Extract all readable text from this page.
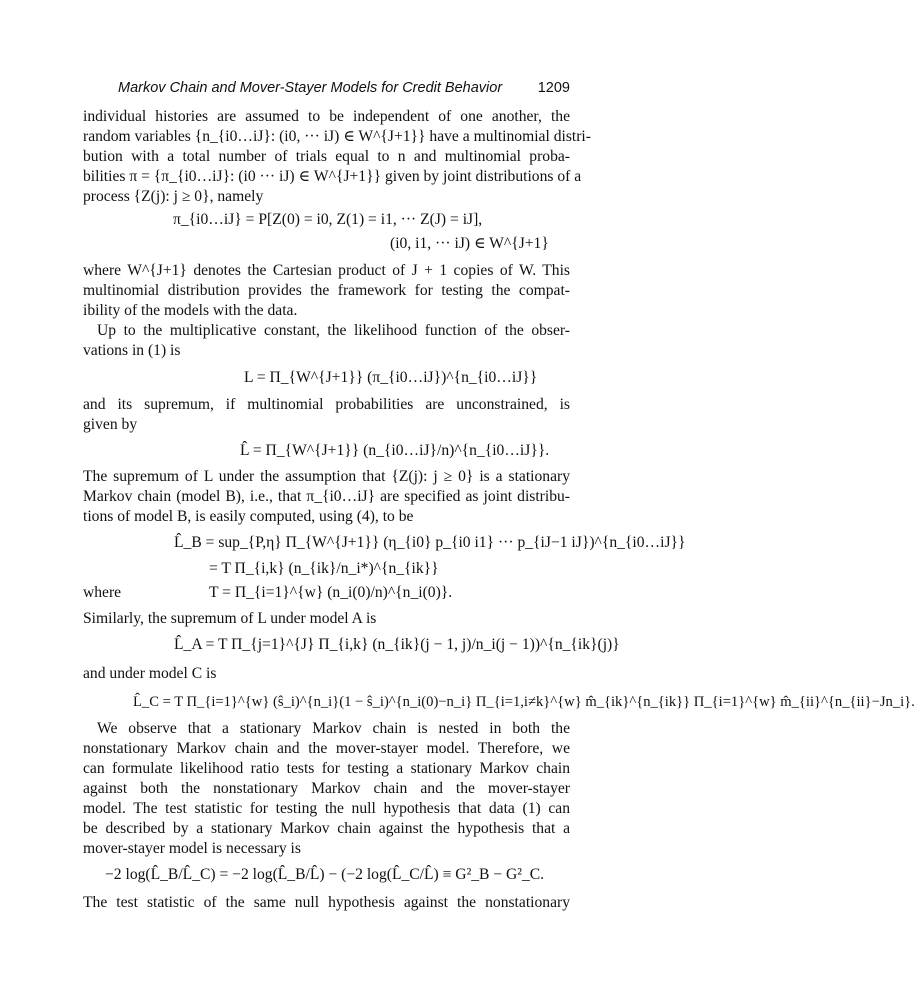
Markov Chain and Mover-Stayer Models for Credit Behavior 1209
individual histories are assumed to be independent of one another, the
random variables {n_{i0…iJ}: (i0, ··· iJ) ∈ W^{J+1}} have a multinomial distri-
bution with a total number of trials equal to n and multinomial proba-
bilities π = {π_{i0…iJ}: (i0 ··· iJ) ∈ W^{J+1}} given by joint distributions of a
process {Z(j): j ≥ 0}, namely
π_{i0…iJ} = P[Z(0) = i0, Z(1) = i1, ··· Z(J) = iJ],
(i0, i1, ··· iJ) ∈ W^{J+1}
where W^{J+1} denotes the Cartesian product of J + 1 copies of W. This
multinomial distribution provides the framework for testing the compat-
ibility of the models with the data.
Up to the multiplicative constant, the likelihood function of the obser-
vations in (1) is
L = Π_{W^{J+1}} (π_{i0…iJ})^{n_{i0…iJ}}
and its supremum, if multinomial probabilities are unconstrained, is
given by
L̂ = Π_{W^{J+1}} (n_{i0…iJ}/n)^{n_{i0…iJ}}.
The supremum of L under the assumption that {Z(j): j ≥ 0} is a stationary
Markov chain (model B), i.e., that π_{i0…iJ} are specified as joint distribu-
tions of model B, is easily computed, using (4), to be
L̂_B = sup_{P,η} Π_{W^{J+1}} (η_{i0} p_{i0 i1} ··· p_{iJ−1 iJ})^{n_{i0…iJ}}
= T Π_{i,k} (n_{ik}/n_i*)^{n_{ik}}
where	T = Π_{i=1}^{w} (n_i(0)/n)^{n_i(0)}.
Similarly, the supremum of L under model A is
L̂_A = T Π_{j=1}^{J} Π_{i,k} (n_{ik}(j − 1, j)/n_i(j − 1))^{n_{ik}(j)}
and under model C is
L̂_C = T Π_{i=1}^{w} (ŝ_i)^{n_i}(1 − ŝ_i)^{n_i(0)−n_i} Π_{i=1,i≠k}^{w} m̂_{ik}^{n_{ik}} Π_{i=1}^{w} m̂_{ii}^{n_{ii}−Jn_i}.
We observe that a stationary Markov chain is nested in both the
nonstationary Markov chain and the mover-stayer model. Therefore, we
can formulate likelihood ratio tests for testing a stationary Markov chain
against both the nonstationary Markov chain and the mover-stayer
model. The test statistic for testing the null hypothesis that data (1) can
be described by a stationary Markov chain against the hypothesis that a
mover-stayer model is necessary is
−2 log(L̂_B/L̂_C) = −2 log(L̂_B/L̂) − (−2 log(L̂_C/L̂) ≡ G²_B − G²_C.
The test statistic of the same null hypothesis against the nonstationary
